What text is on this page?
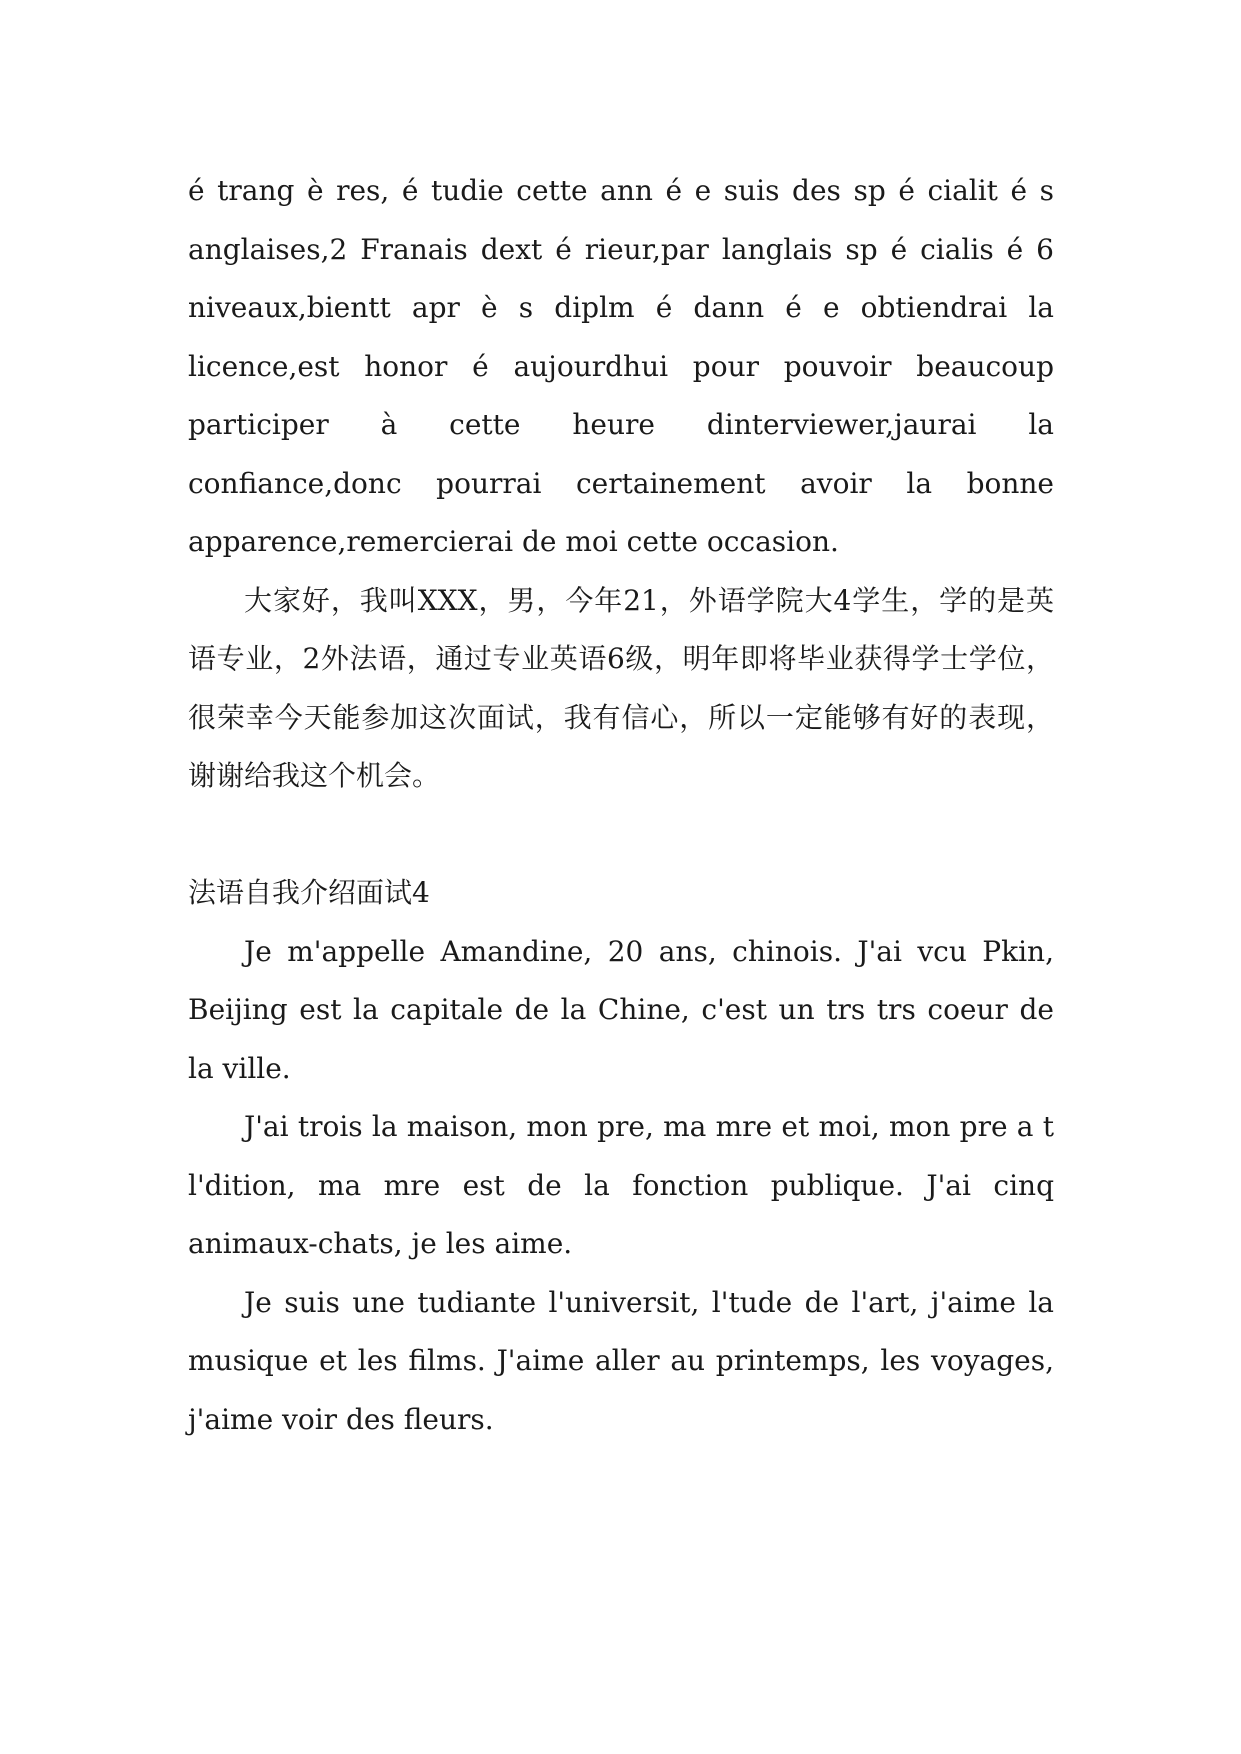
é trang è res, é tudie cette ann é e suis des sp é cialit é s anglaises,2 Franais dext é rieur,par langlais sp é cialis é 6 niveaux,bientt apr è s diplm é dann é e obtiendrai la licence,est honor é aujourdhui pour pouvoir beaucoup participer à cette heure dinterviewer,jaurai la confiance,donc pourrai certainement avoir la bonne apparence,remercierai de moi cette occasion.

大家好，我叫XXX，男，今年21，外语学院大4学生，学的是英语专业，2外法语，通过专业英语6级，明年即将毕业获得学士学位，很荣幸今天能参加这次面试，我有信心，所以一定能够有好的表现，谢谢给我这个机会。

法语自我介绍面试4

Je m'appelle Amandine, 20 ans, chinois. J'ai vcu Pkin, Beijing est la capitale de la Chine, c'est un trs trs coeur de la ville.

J'ai trois la maison, mon pre, ma mre et moi, mon pre a t l'dition, ma mre est de la fonction publique. J'ai cinq animaux-chats, je les aime.

Je suis une tudiante l'universit, l'tude de l'art, j'aime la musique et les films. J'aime aller au printemps, les voyages, j'aime voir des fleurs.
